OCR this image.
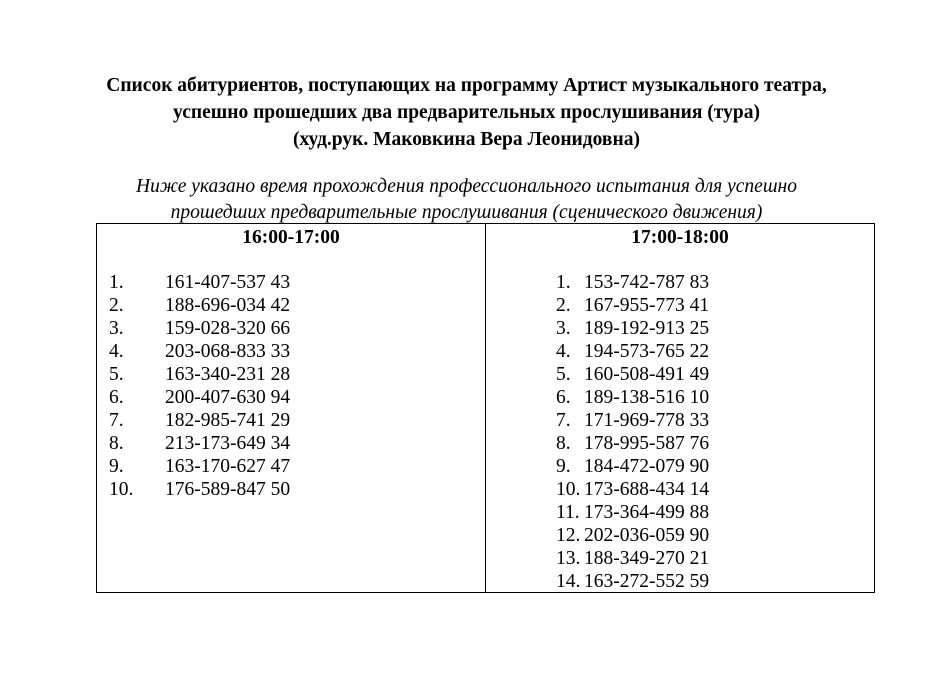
Список абитуриентов, поступающих на программу Артист музыкального театра,
успешно прошедших два предварительных прослушивания (тура)
(худ.рук. Маковкина Вера Леонидовна)
Ниже указано время прохождения профессионального испытания для успешно
прошедших предварительные прослушивания (сценического движения)
16:00-17:00
1.	161-407-537 43
2.	188-696-034 42
3.	159-028-320 66
4.	203-068-833 33
5.	163-340-231 28
6.	200-407-630 94
7.	182-985-741 29
8.	213-173-649 34
9.	163-170-627 47
10.	176-589-847 50
17:00-18:00
1. 153-742-787 83
2. 167-955-773 41
3. 189-192-913 25
4. 194-573-765 22
5. 160-508-491 49
6. 189-138-516 10
7. 171-969-778 33
8. 178-995-587 76
9. 184-472-079 90
10. 173-688-434 14
11. 173-364-499 88
12. 202-036-059 90
13. 188-349-270 21
14. 163-272-552 59
